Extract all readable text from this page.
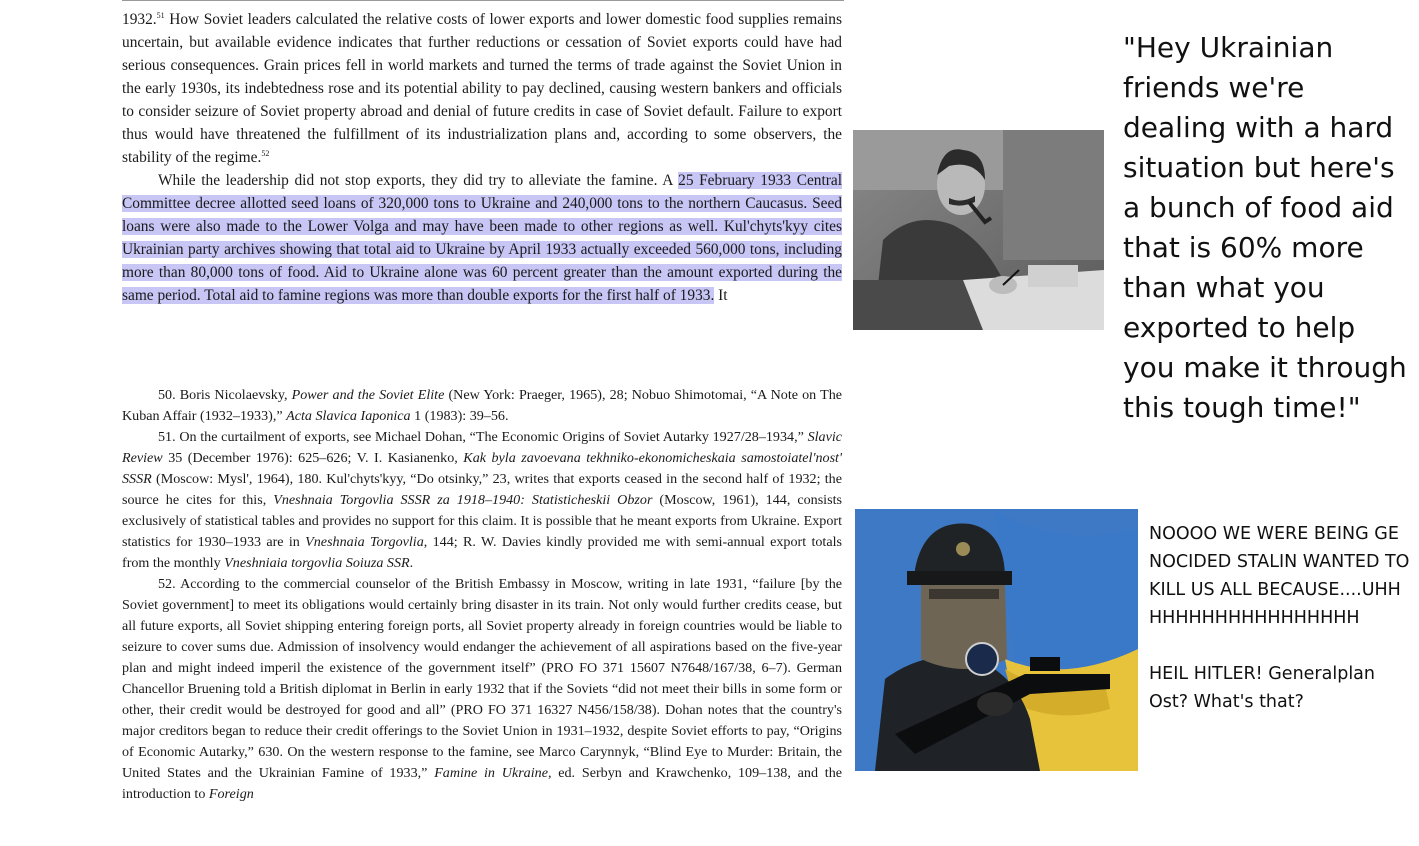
1932.51 How Soviet leaders calculated the relative costs of lower exports and lower domestic food supplies remains uncertain, but available evidence indicates that further reductions or cessation of Soviet exports could have had serious consequences. Grain prices fell in world markets and turned the terms of trade against the Soviet Union in the early 1930s, its indebtedness rose and its potential ability to pay declined, causing western bankers and officials to consider seizure of Soviet property abroad and denial of future credits in case of Soviet default. Failure to export thus would have threatened the fulfillment of its industrialization plans and, according to some observers, the stability of the regime.$^{52}$

While the leadership did not stop exports, they did try to alleviate the famine. A 25 February 1933 Central Committee decree allotted seed loans of 320,000 tons to Ukraine and 240,000 tons to the northern Caucasus. Seed loans were also made to the Lower Volga and may have been made to other regions as well. Kul'chyts'kyy cites Ukrainian party archives showing that total aid to Ukraine by April 1933 actually exceeded 560,000 tons, including more than 80,000 tons of food. Aid to Ukraine alone was 60 percent greater than the amount exported during the same period. Total aid to famine regions was more than double exports for the first half of 1933. It

50. Boris Nicolaevsky, Power and the Soviet Elite (New York: Praeger, 1965), 28; Nobuo Shimotomai, “A Note on The Kuban Affair (1932–1933),” Acta Slavica Iaponica 1 (1983): 39–56.

51. On the curtailment of exports, see Michael Dohan, “The Economic Origins of Soviet Autarky 1927/28–1934,” Slavic Review 35 (December 1976): 625–626; V. I. Kasianenko, Kak byla zavoevana tekhniko-ekonomicheskaia samostoiatel'nost' SSSR (Moscow: Mysl', 1964), 180. Kul'chyts'kyy, “Do otsinky,” 23, writes that exports ceased in the second half of 1932; the source he cites for this, Vneshnaia Torgovlia SSSR za 1918–1940: Statisticheskii Obzor (Moscow, 1961), 144, consists exclusively of statistical tables and provides no support for this claim. It is possible that he meant exports from Ukraine. Export statistics for 1930–1933 are in Vneshnaia Torgovlia, 144; R. W. Davies kindly provided me with semi-annual export totals from the monthly Vneshniaia torgovlia Soiuza SSR.

52. According to the commercial counselor of the British Embassy in Moscow, writing in late 1931, “failure [by the Soviet government] to meet its obligations would certainly bring disaster in its train. Not only would further credits cease, but all future exports, all Soviet shipping entering foreign ports, all Soviet property already in foreign countries would be liable to seizure to cover sums due. Admission of insolvency would endanger the achievement of all aspirations based on the five-year plan and might indeed imperil the existence of the government itself” (PRO FO 371 15607 N7648/167/38, 6–7). German Chancellor Bruening told a British diplomat in Berlin in early 1932 that if the Soviets “did not meet their bills in some form or other, their credit would be destroyed for good and all” (PRO FO 371 16327 N456/158/38). Dohan notes that the country's major creditors began to reduce their credit offerings to the Soviet Union in 1931–1932, despite Soviet efforts to pay, “Origins of Economic Autarky,” 630. On the western response to the famine, see Marco Carynnyk, “Blind Eye to Murder: Britain, the United States and the Ukrainian Famine of 1933,” Famine in Ukraine, ed. Serbyn and Krawchenko, 109–138, and the introduction to Foreign

"Hey Ukrainian friends we're dealing with a hard situation but here's a bunch of food aid that is 60% more than what you exported to help you make it through this tough time!"

NOOOO WE WERE BEING GENOCIDED STALIN WANTED TO KILL US ALL BECAUSE....UHHHHHHHHHHHHHHHHHH

HEIL HITLER! Generalplan Ost? What's that?
